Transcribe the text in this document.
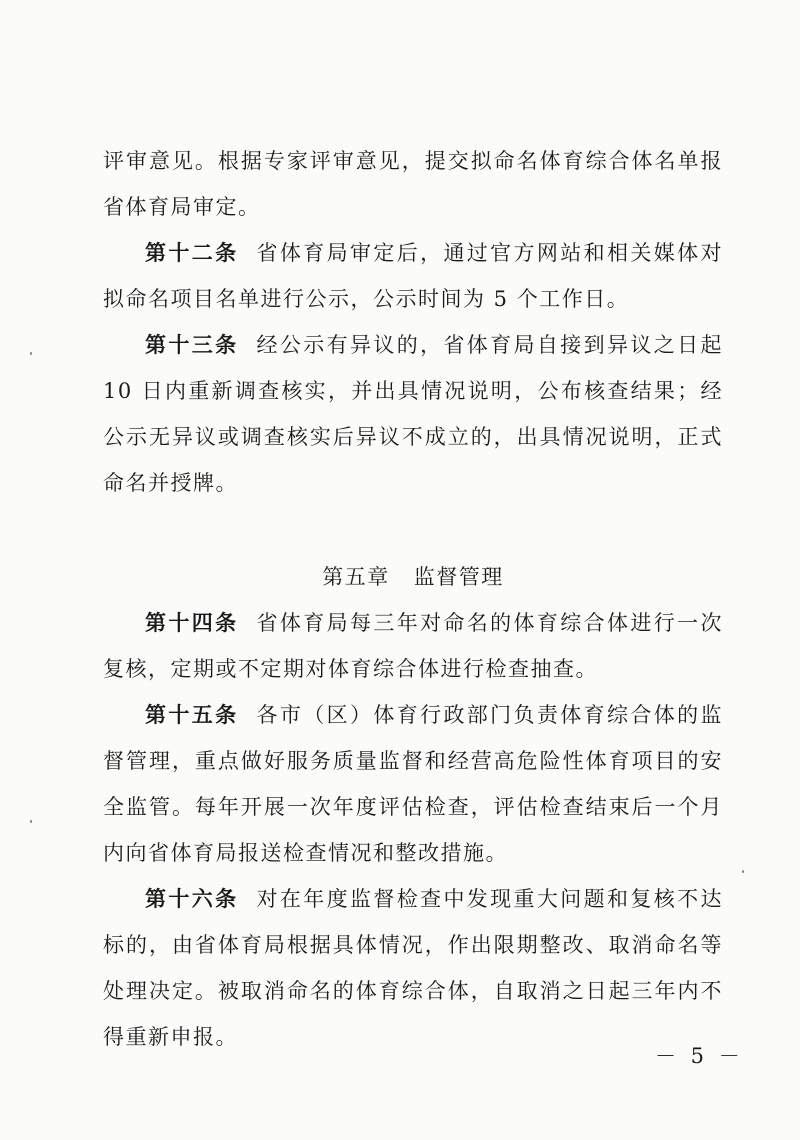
评审意见。根据专家评审意见，提交拟命名体育综合体名单报省体育局审定。

第十二条 省体育局审定后，通过官方网站和相关媒体对拟命名项目名单进行公示，公示时间为 5 个工作日。

第十三条 经公示有异议的，省体育局自接到异议之日起 10 日内重新调查核实，并出具情况说明，公布核查结果；经公示无异议或调查核实后异议不成立的，出具情况说明，正式命名并授牌。

第五章 监督管理

第十四条 省体育局每三年对命名的体育综合体进行一次复核，定期或不定期对体育综合体进行检查抽查。

第十五条 各市（区）体育行政部门负责体育综合体的监督管理，重点做好服务质量监督和经营高危险性体育项目的安全监管。每年开展一次年度评估检查，评估检查结束后一个月内向省体育局报送检查情况和整改措施。

第十六条 对在年度监督检查中发现重大问题和复核不达标的，由省体育局根据具体情况，作出限期整改、取消命名等处理决定。被取消命名的体育综合体，自取消之日起三年内不得重新申报。

－ 5 －
